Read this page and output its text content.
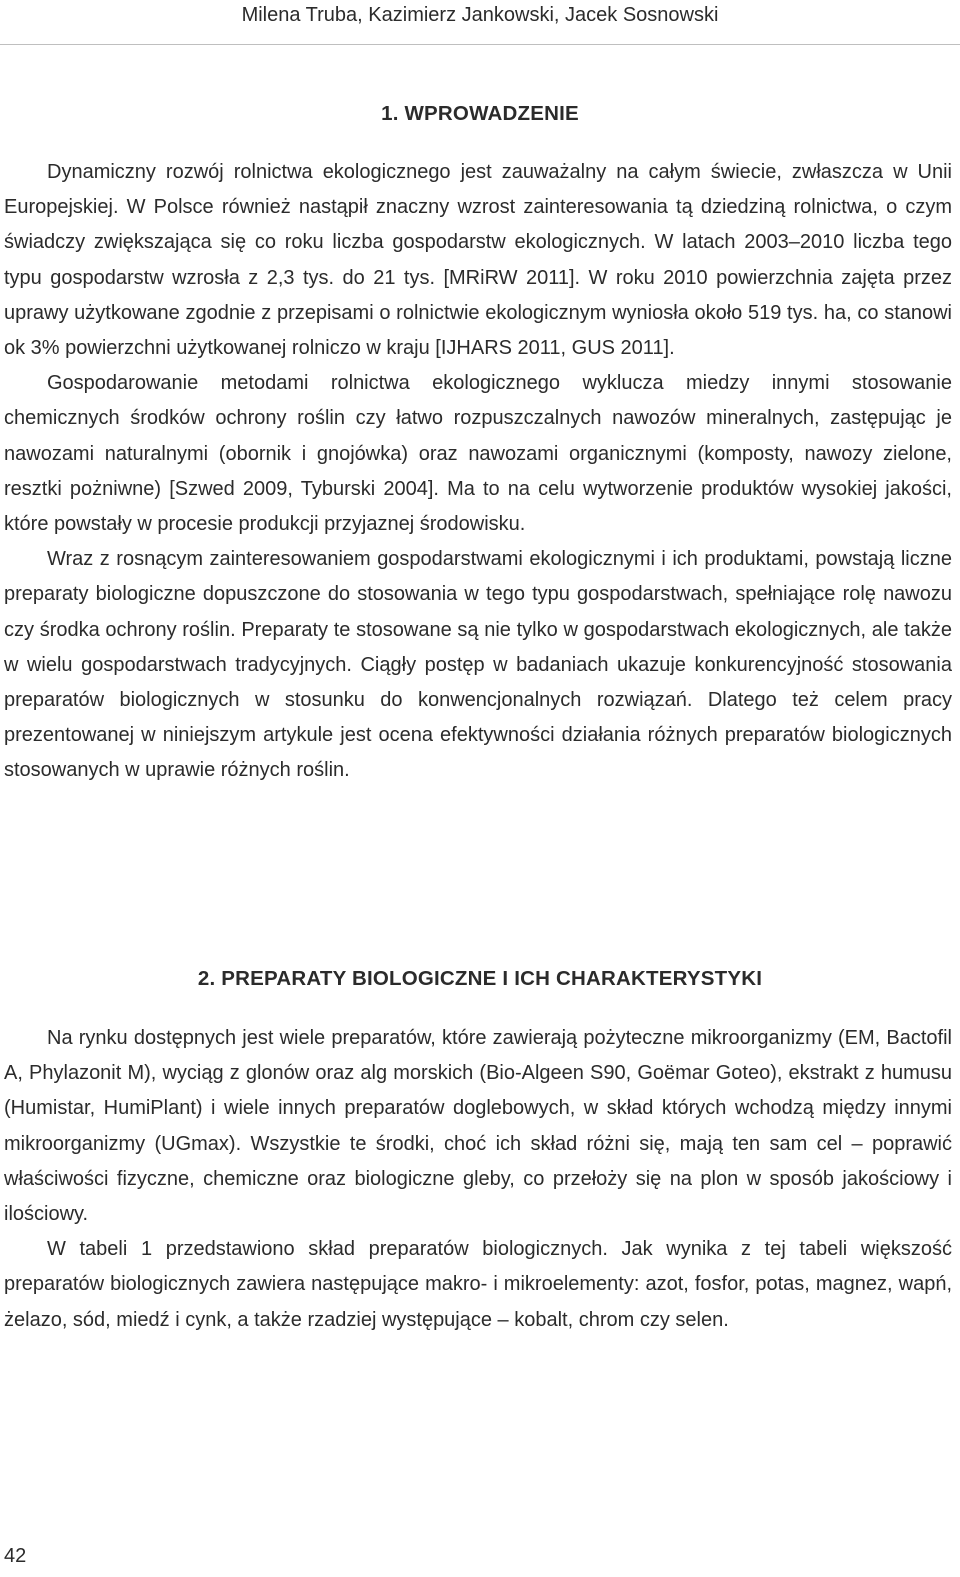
Milena Truba, Kazimierz Jankowski, Jacek Sosnowski
1. WPROWADZENIE

Dynamiczny rozwój rolnictwa ekologicznego jest zauważalny na całym świecie, zwłaszcza w Unii Europejskiej. W Polsce również nastąpił znaczny wzrost zainteresowania tą dziedziną rolnictwa, o czym świadczy zwiększająca się co roku liczba gospodarstw ekologicznych. W latach 2003–2010 liczba tego typu gospodarstw wzrosła z 2,3 tys. do 21 tys. [MRiRW 2011]. W roku 2010 powierzchnia zajęta przez uprawy użytkowane zgodnie z przepisami o rolnictwie ekologicznym wyniosła około 519 tys. ha, co stanowi ok 3% powierzchni użytkowanej rolniczo w kraju [IJHARS 2011, GUS 2011].

Gospodarowanie metodami rolnictwa ekologicznego wyklucza miedzy innymi stosowanie chemicznych środków ochrony roślin czy łatwo rozpuszczalnych nawozów mineralnych, zastępując je nawozami naturalnymi (obornik i gnojówka) oraz nawozami organicznymi (komposty, nawozy zielone, resztki pożniwne) [Szwed 2009, Tyburski 2004]. Ma to na celu wytworzenie produktów wysokiej jakości, które powstały w procesie produkcji przyjaznej środowisku.

Wraz z rosnącym zainteresowaniem gospodarstwami ekologicznymi i ich produktami, powstają liczne preparaty biologiczne dopuszczone do stosowania w tego typu gospodarstwach, spełniające rolę nawozu czy środka ochrony roślin. Preparaty te stosowane są nie tylko w gospodarstwach ekologicznych, ale także w wielu gospodarstwach tradycyjnych. Ciągły postęp w badaniach ukazuje konkurencyjność stosowania preparatów biologicznych w stosunku do konwencjonalnych rozwiązań. Dlatego też celem pracy prezentowanej w niniejszym artykule jest ocena efektywności działania różnych preparatów biologicznych stosowanych w uprawie różnych roślin.

2. PREPARATY BIOLOGICZNE I ICH CHARAKTERYSTYKI

Na rynku dostępnych jest wiele preparatów, które zawierają pożyteczne mikroorganizmy (EM, Bactofil A, Phylazonit M), wyciąg z glonów oraz alg morskich (Bio-Algeen S90, Goëmar Goteo), ekstrakt z humusu (Humistar, HumiPlant) i wiele innych preparatów doglebowych, w skład których wchodzą między innymi mikroorganizmy (UGmax). Wszystkie te środki, choć ich skład różni się, mają ten sam cel – poprawić właściwości fizyczne, chemiczne oraz biologiczne gleby, co przełoży się na plon w sposób jakościowy i ilościowy.

W tabeli 1 przedstawiono skład preparatów biologicznych. Jak wynika z tej tabeli większość preparatów biologicznych zawiera następujące makro- i mikroelementy: azot, fosfor, potas, magnez, wapń, żelazo, sód, miedź i cynk, a także rzadziej występujące – kobalt, chrom czy selen.

42
